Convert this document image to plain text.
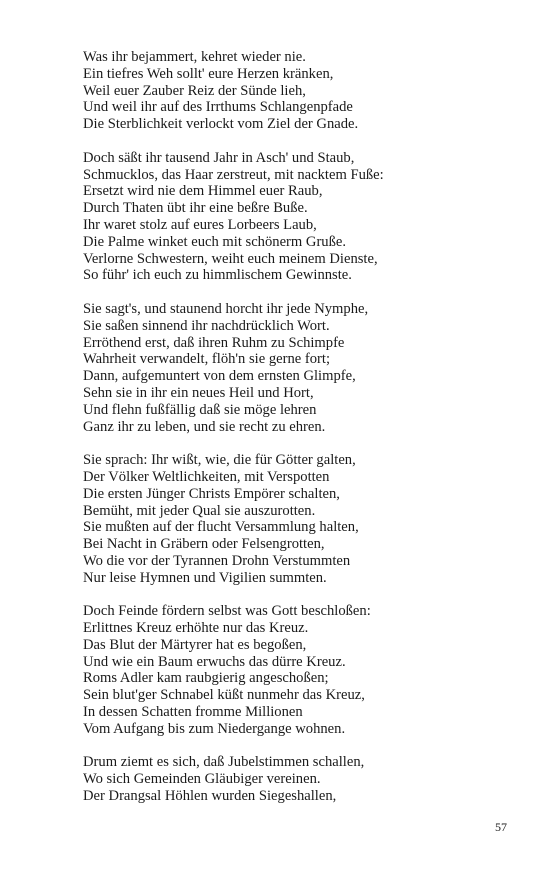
Was ihr bejammert, kehret wieder nie.
Ein tiefres Weh sollt' eure Herzen kränken,
Weil euer Zauber Reiz der Sünde lieh,
Und weil ihr auf des Irrthums Schlangenpfade
Die Sterblichkeit verlockt vom Ziel der Gnade.
Doch säßt ihr tausend Jahr in Asch' und Staub,
Schmucklos, das Haar zerstreut, mit nacktem Fuße:
Ersetzt wird nie dem Himmel euer Raub,
Durch Thaten übt ihr eine beßre Buße.
Ihr waret stolz auf eures Lorbeers Laub,
Die Palme winket euch mit schönerm Gruße.
Verlorne Schwestern, weiht euch meinem Dienste,
So führ' ich euch zu himmlischem Gewinnste.
Sie sagt's, und staunend horcht ihr jede Nymphe,
Sie saßen sinnend ihr nachdrücklich Wort.
Erröthend erst, daß ihren Ruhm zu Schimpfe
Wahrheit verwandelt, flöh'n sie gerne fort;
Dann, aufgemuntert von dem ernsten Glimpfe,
Sehn sie in ihr ein neues Heil und Hort,
Und flehn fußfällig daß sie möge lehren
Ganz ihr zu leben, und sie recht zu ehren.
Sie sprach: Ihr wißt, wie, die für Götter galten,
Der Völker Weltlichkeiten, mit Verspotten
Die ersten Jünger Christs Empörer schalten,
Bemüht, mit jeder Qual sie auszurotten.
Sie mußten auf der flucht Versammlung halten,
Bei Nacht in Gräbern oder Felsengrotten,
Wo die vor der Tyrannen Drohn Verstummten
Nur leise Hymnen und Vigilien summten.
Doch Feinde fördern selbst was Gott beschloßen:
Erlittnes Kreuz erhöhte nur das Kreuz.
Das Blut der Märtyrer hat es begoßen,
Und wie ein Baum erwuchs das dürre Kreuz.
Roms Adler kam raubgierig angeschoßen;
Sein blut'ger Schnabel küßt nunmehr das Kreuz,
In dessen Schatten fromme Millionen
Vom Aufgang bis zum Niedergange wohnen.
Drum ziemt es sich, daß Jubelstimmen schallen,
Wo sich Gemeinden Gläubiger vereinen.
Der Drangsal Höhlen wurden Siegeshallen,
57
